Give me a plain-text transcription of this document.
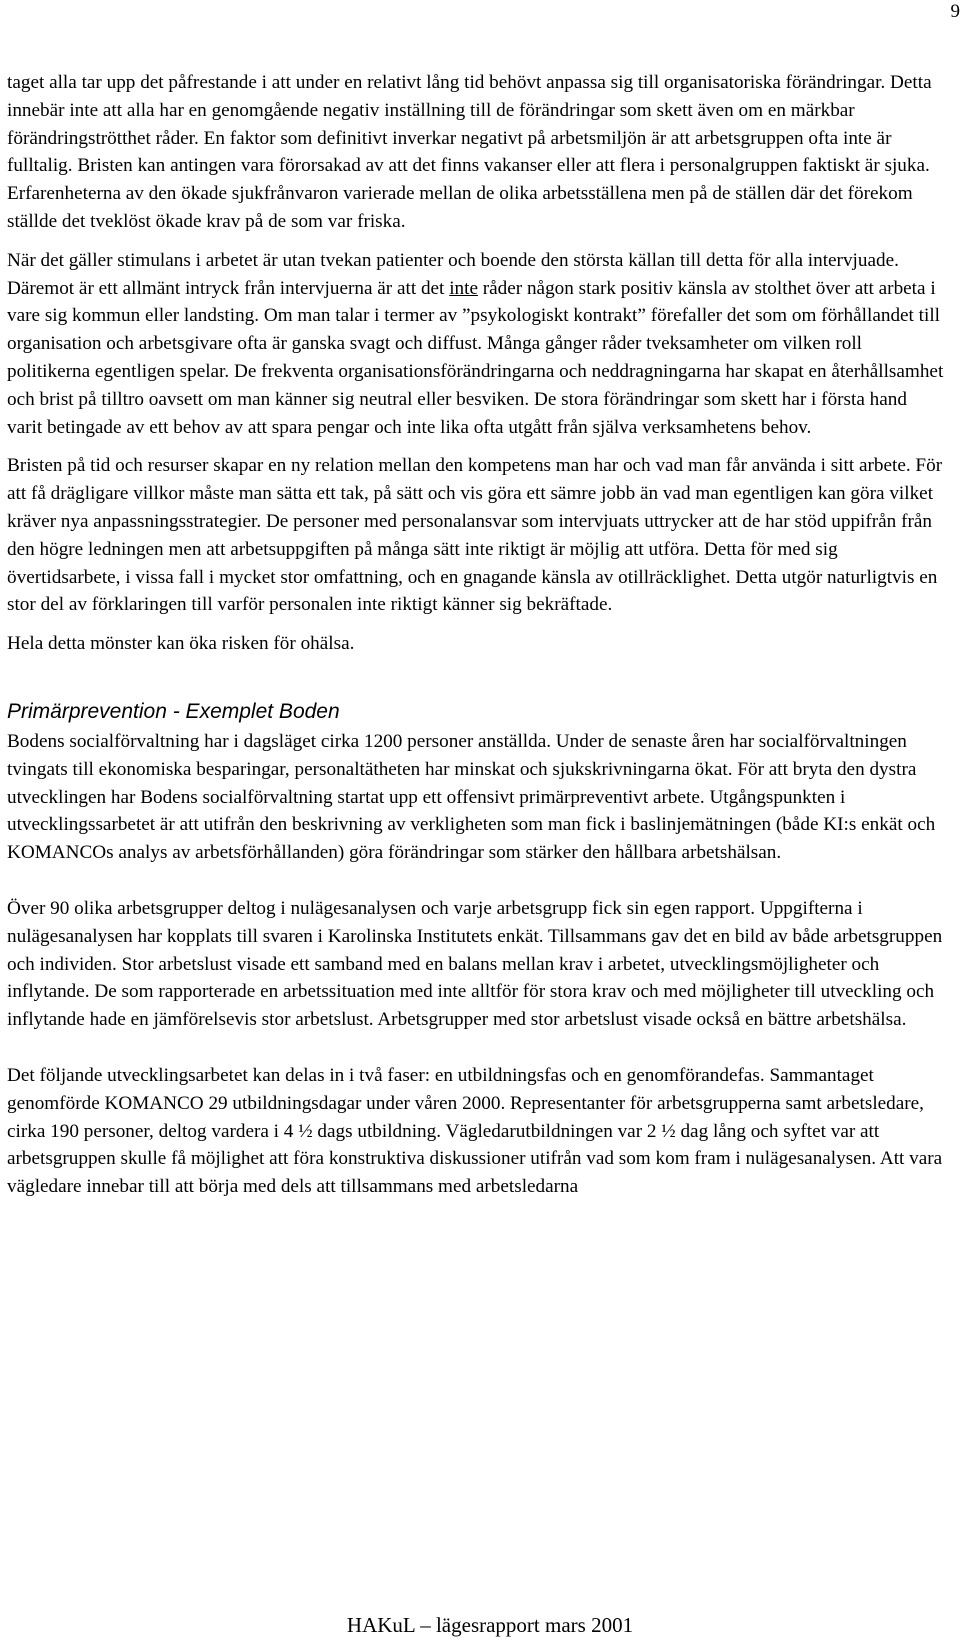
9

taget alla tar upp det påfrestande i att under en relativt lång tid behövt anpassa sig till organisatoriska förändringar. Detta innebär inte att alla har en genomgående negativ inställning till de förändringar som skett även om en märkbar förändringströtthet råder. En faktor som definitivt inverkar negativt på arbetsmiljön är att arbetsgruppen ofta inte är fulltalig. Bristen kan antingen vara förorsakad av att det finns vakanser eller att flera i personalgruppen faktiskt är sjuka. Erfarenheterna av den ökade sjukfrånvaron varierade mellan de olika arbetsställena men på de ställen där det förekom ställde det tveklöst ökade krav på de som var friska.

När det gäller stimulans i arbetet är utan tvekan patienter och boende den största källan till detta för alla intervjuade. Däremot är ett allmänt intryck från intervjuerna är att det inte råder någon stark positiv känsla av stolthet över att arbeta i vare sig kommun eller landsting. Om man talar i termer av ”psykologiskt kontrakt” förefaller det som om förhållandet till organisation och arbetsgivare ofta är ganska svagt och diffust. Många gånger råder tveksamheter om vilken roll politikerna egentligen spelar. De frekventa organisationsförändringarna och neddragningarna har skapat en återhållsamhet och brist på tilltro oavsett om man känner sig neutral eller besviken. De stora förändringar som skett har i första hand varit betingade av ett behov av att spara pengar och inte lika ofta utgått från själva verksamhetens behov.

Bristen på tid och resurser skapar en ny relation mellan den kompetens man har och vad man får använda i sitt arbete. För att få drägligare villkor måste man sätta ett tak, på sätt och vis göra ett sämre jobb än vad man egentligen kan göra vilket kräver nya anpassningsstrategier. De personer med personalansvar som intervjuats uttrycker att de har stöd uppifrån från den högre ledningen men att arbetsuppgiften på många sätt inte riktigt är möjlig att utföra. Detta för med sig övertidsarbete, i vissa fall i mycket stor omfattning, och en gnagande känsla av otillräcklighet. Detta utgör naturligtvis en stor del av förklaringen till varför personalen inte riktigt känner sig bekräftade.

Hela detta mönster kan öka risken för ohälsa.

Primärprevention - Exemplet Boden

Bodens socialförvaltning har i dagsläget cirka 1200 personer anställda. Under de senaste åren har socialförvaltningen tvingats till ekonomiska besparingar, personaltätheten har minskat och sjukskrivningarna ökat. För att bryta den dystra utvecklingen har Bodens socialförvaltning startat upp ett offensivt primärpreventivt arbete. Utgångspunkten i utvecklingssarbetet är att utifrån den beskrivning av verkligheten som man fick i baslinjemätningen (både KI:s enkät och KOMANCOs analys av arbetsförhållanden) göra förändringar som stärker den hållbara arbetshälsan.

Över 90 olika arbetsgrupper deltog i nulägesanalysen och varje arbetsgrupp fick sin egen rapport. Uppgifterna i nulägesanalysen har kopplats till svaren i Karolinska Institutets enkät. Tillsammans gav det en bild av både arbetsgruppen och individen. Stor arbetslust visade ett samband med en balans mellan krav i arbetet, utvecklingsmöjligheter och inflytande. De som rapporterade en arbetssituation med inte alltför för stora krav och med möjligheter till utveckling och inflytande hade en jämförelsevis stor arbetslust. Arbetsgrupper med stor arbetslust visade också en bättre arbetshälsa.

Det följande utvecklingsarbetet kan delas in i två faser: en utbildningsfas och en genomförandefas. Sammantaget genomförde KOMANCO 29 utbildningsdagar under våren 2000. Representanter för arbetsgrupperna samt arbetsledare, cirka 190 personer, deltog vardera i 4 ½ dags utbildning. Vägledarutbildningen var 2 ½ dag lång och syftet var att arbetsgruppen skulle få möjlighet att föra konstruktiva diskussioner utifrån vad som kom fram i nulägesanalysen. Att vara vägledare innebar till att börja med dels att tillsammans med arbetsledarna

HAKuL – lägesrapport mars 2001
